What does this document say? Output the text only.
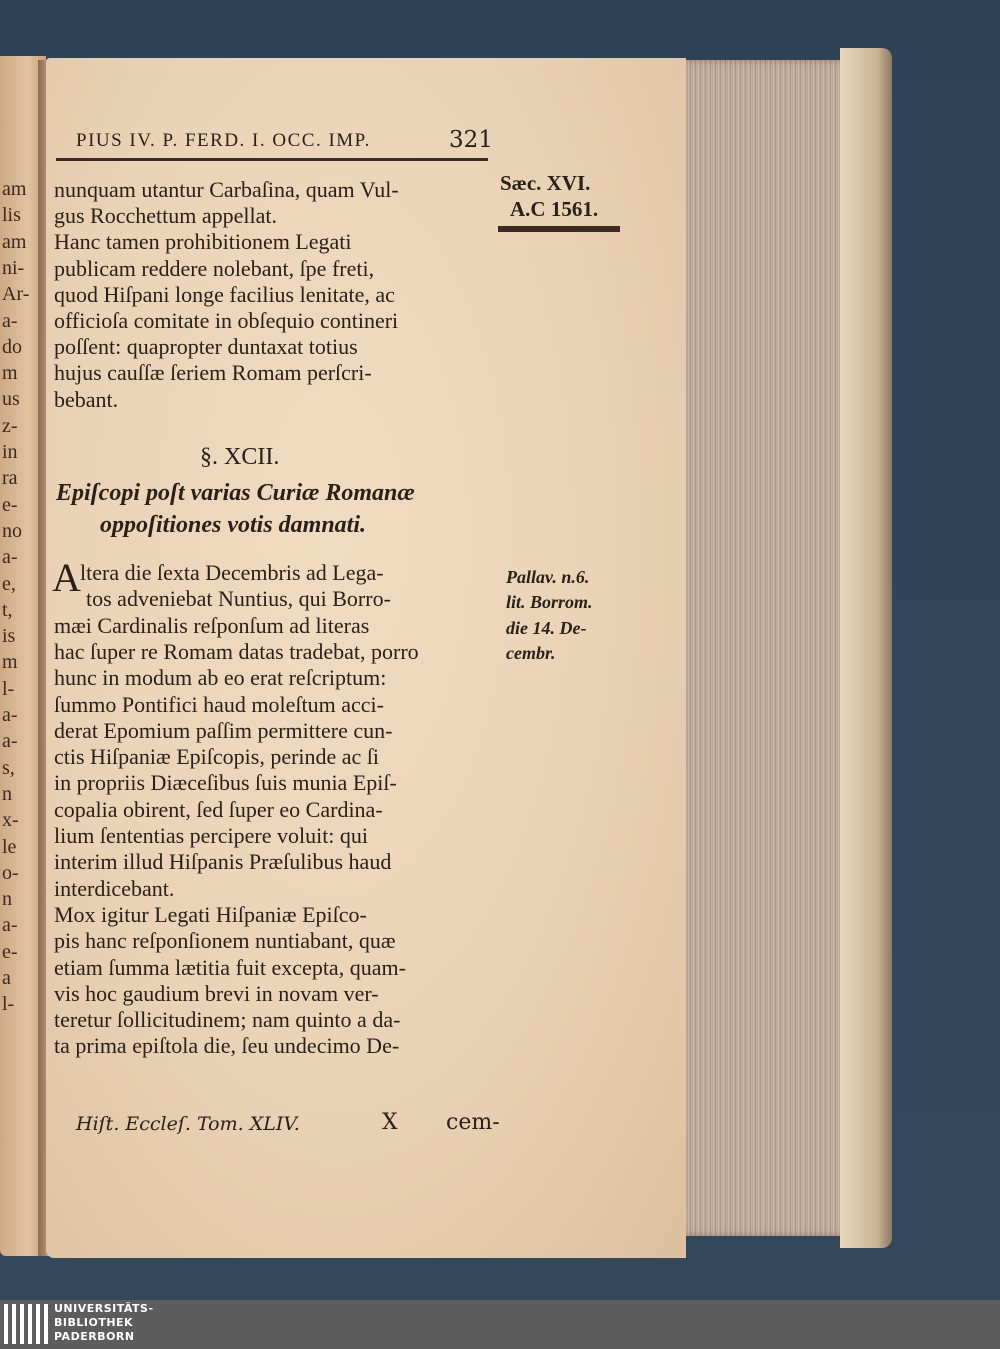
am
lis
am
ni-
Ar-
a-
do
m
us
z-
in
ra
e-
no
a-
e,
t,
is
m
l-
a-
a-
s,
n
x-
le
o-
n
a-
e-
a
l-
PIUS IV. P. FERD. I. OCC. IMP.	321
Sæc. XVI.
A.C 1561.
nunquam utantur Carbaſina, quam Vul-
gus Rocchettum appellat.
Hanc tamen prohibitionem Legati
publicam reddere nolebant, ſpe freti,
quod Hiſpani longe facilius lenitate, ac
officioſa comitate in obſequio contineri
poſſent: quapropter duntaxat totius
hujus cauſſæ ſeriem Romam perſcri-
bebant.
§. XCII.
Epiſcopi poſt varias Curiæ Romanæ
oppoſitiones votis damnati.
A ltera die ſexta Decembris ad Lega-
tos adveniebat Nuntius, qui Borro-
mæi Cardinalis reſponſum ad literas
hac ſuper re Romam datas tradebat, porro
hunc in modum ab eo erat reſcriptum:
ſummo Pontifici haud moleſtum acci-
derat Epomium paſſim permittere cun-
ctis Hiſpaniæ Epiſcopis, perinde ac ſi
in propriis Diæceſibus ſuis munia Epiſ-
copalia obirent, ſed ſuper eo Cardina-
lium ſententias percipere voluit: qui
interim illud Hiſpanis Præſulibus haud
interdicebant.
Mox igitur Legati Hiſpaniæ Epiſco-
pis hanc reſponſionem nuntiabant, quæ
etiam ſumma lætitia fuit excepta, quam-
vis hoc gaudium brevi in novam ver-
teretur ſollicitudinem; nam quinto a da-
ta prima epiſtola die, ſeu undecimo De-
Pallav. n.6.
lit. Borrom.
die 14. De-
cembr.
Hiſt. Eccleſ. Tom. XLIV.	X cem-
UNIVERSITÄTS-
BIBLIOTHEK
PADERBORN
